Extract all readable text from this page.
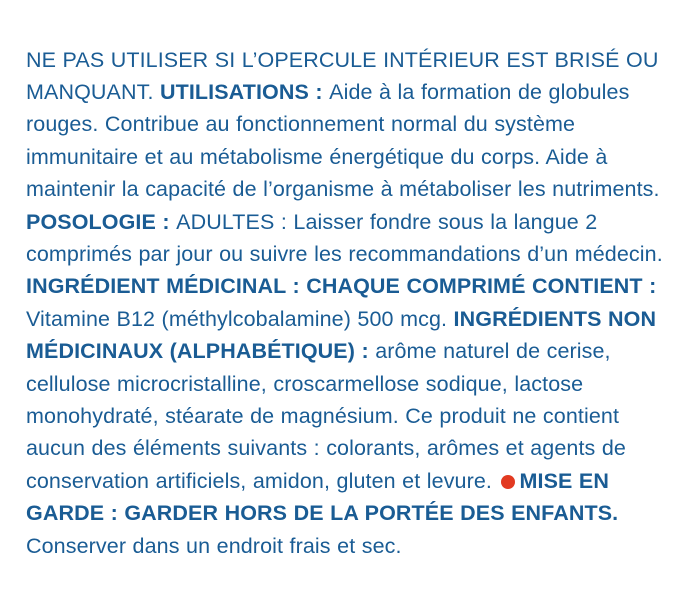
NE PAS UTILISER SI L’OPERCULE INTÉRIEUR EST BRISÉ OU MANQUANT. UTILISATIONS : Aide à la formation de globules rouges. Contribue au fonctionnement normal du système immunitaire et au métabolisme énergétique du corps. Aide à maintenir la capacité de l’organisme à métaboliser les nutriments. POSOLOGIE : ADULTES : Laisser fondre sous la langue 2 comprimés par jour ou suivre les recommandations d’un médecin. INGRÉDIENT MÉDICINAL : CHAQUE COMPRIMÉ CONTIENT : Vitamine B12 (méthylcobalamine) 500 mcg. INGRÉDIENTS NON MÉDICINAUX (ALPHABÉTIQUE) : arôme naturel de cerise, cellulose microcristalline, croscarmellose sodique, lactose monohydraté, stéarate de magnésium. Ce produit ne contient aucun des éléments suivants : colorants, arômes et agents de conservation artificiels, amidon, gluten et levure. MISE EN GARDE : GARDER HORS DE LA PORTÉE DES ENFANTS. Conserver dans un endroit frais et sec.
